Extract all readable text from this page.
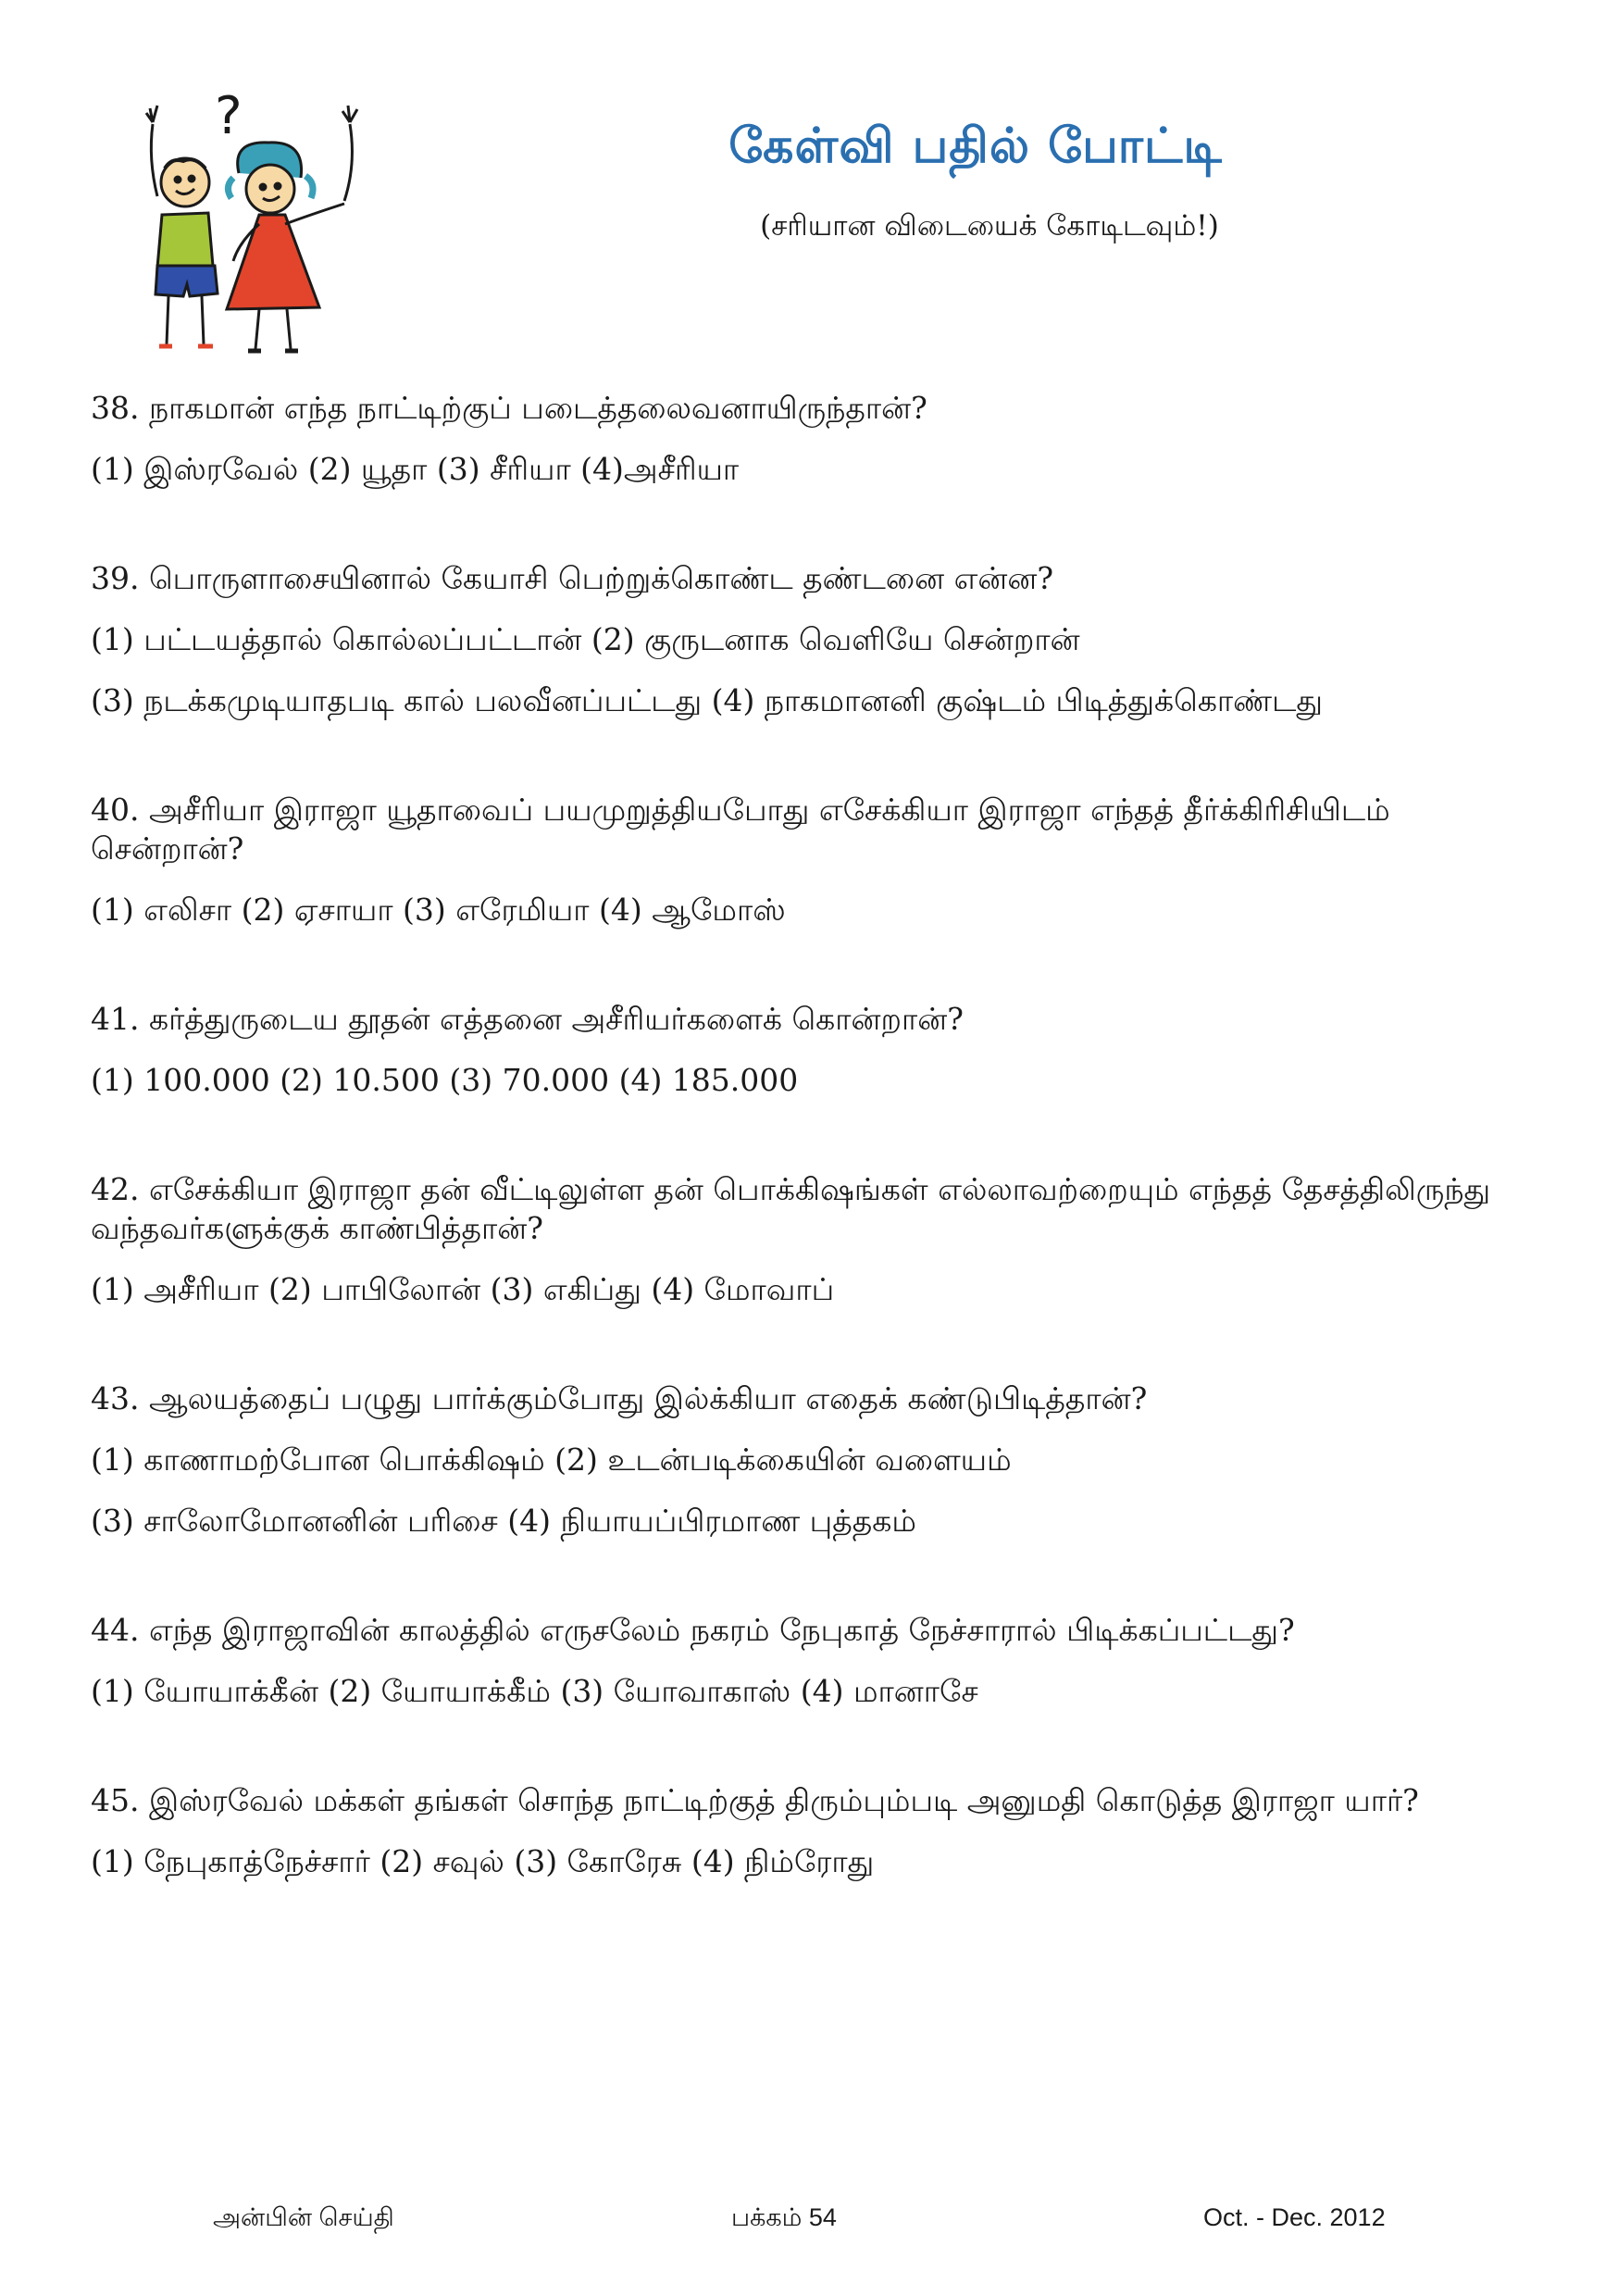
?	கேள்வி பதில் போட்டி
(சரியான விடையைக் கோடிடவும்!)

38. நாகமான் எந்த நாட்டிற்குப் படைத்தலைவனாயிருந்தான்?

(1) இஸ்ரவேல் (2) யூதா (3) சீரியா (4)அசீரியா

39. பொருளாசையினால் கேயாசி பெற்றுக்கொண்ட தண்டனை என்ன?

(1) பட்டயத்தால் கொல்லப்பட்டான் (2) குருடனாக வெளியே சென்றான்

(3) நடக்கமுடியாதபடி கால் பலவீனப்பட்டது (4) நாகமானனி குஷ்டம் பிடித்துக்கொண்டது

40. அசீரியா இராஜா யூதாவைப் பயமுறுத்தியபோது எசேக்கியா இராஜா எந்தத் தீர்க்கிரிசியிடம் சென்றான்?

(1) எலிசா (2) ஏசாயா (3) எரேமியா (4) ஆமோஸ்

41. கர்த்துருடைய தூதன் எத்தனை அசீரியர்களைக் கொன்றான்?

(1) 100.000 (2) 10.500 (3) 70.000 (4) 185.000

42. எசேக்கியா இராஜா தன் வீட்டிலுள்ள தன் பொக்கிஷங்கள் எல்லாவற்றையும் எந்தத் தேசத்திலிருந்து வந்தவர்களுக்குக் காண்பித்தான்?

(1) அசீரியா (2) பாபிலோன் (3) எகிப்து (4) மோவாப்

43. ஆலயத்தைப் பழுது பார்க்கும்போது இல்க்கியா எதைக் கண்டுபிடித்தான்?

(1) காணாமற்போன பொக்கிஷம் (2) உடன்படிக்கையின் வளையம்

(3) சாலோமோனனின் பரிசை (4) நியாயப்பிரமாண புத்தகம்

44. எந்த இராஜாவின் காலத்தில் எருசலேம் நகரம் நேபுகாத் நேச்சாரால் பிடிக்கப்பட்டது?

(1) யோயாக்கீன் (2) யோயாக்கீம் (3) யோவாகாஸ் (4) மானாசே

45. இஸ்ரவேல் மக்கள் தங்கள் சொந்த நாட்டிற்குத் திரும்பும்படி அனுமதி கொடுத்த இராஜா யார்?

(1) நேபுகாத்நேச்சார் (2) சவுல் (3) கோரேசு (4) நிம்ரோது

அன்பின் செய்தி	பக்கம் 54	Oct. - Dec. 2012
